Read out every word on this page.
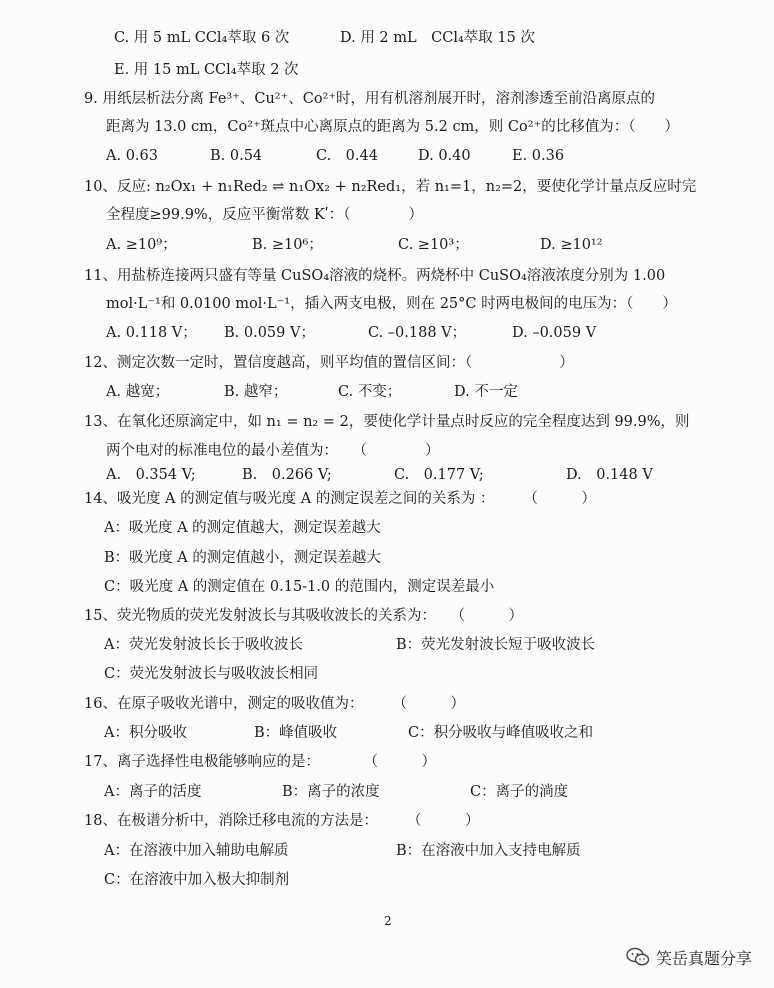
C. 用 5 mL CCl₄萃取 6 次	D. 用 2 mL　CCl₄萃取 15 次
E. 用 15 mL CCl₄萃取 2 次
9. 用纸层析法分离 Fe³⁺、Cu²⁺、Co²⁺时，用有机溶剂展开时，溶剂渗透至前沿离原点的
距离为 13.0 cm，Co²⁺斑点中心离原点的距离为 5.2 cm，则 Co²⁺的比移值为：（　　）
A. 0.63	B. 0.54	C.　0.44	D. 0.40	E. 0.36
10、反应: n₂Ox₁ + n₁Red₂ ⇌ n₁Ox₂ + n₂Red₁，若 n₁=1，n₂=2，要使化学计量点反应时完
全程度≥99.9%，反应平衡常数 Kʹ：（　　　　）
A. ≥10⁹；	B. ≥10⁶；	C. ≥10³；	D. ≥10¹²
11、用盐桥连接两只盛有等量 CuSO₄溶液的烧杯。两烧杯中 CuSO₄溶液浓度分别为 1.00
mol·L⁻¹和 0.0100 mol·L⁻¹，插入两支电极，则在 25°C 时两电极间的电压为：（　　）
A. 0.118 V； B. 0.059 V；	C. –0.188 V；	D. –0.059 V
12、测定次数一定时，置信度越高，则平均值的置信区间：（　　　　　　）
A. 越宽；	B. 越窄；	C. 不变；	D. 不一定
13、在氧化还原滴定中，如 n₁ = n₂ = 2，要使化学计量点时反应的完全程度达到 99.9%，则
两个电对的标准电位的最小差值为：　　（　　　　）
A.　0.354 V;	B.　0.266 V;	C.　0.177 V;	D.　0.148 V
14、吸光度 A 的测定值与吸光度 A 的测定误差之间的关系为 ：　　　（　　　）
A：吸光度 A 的测定值越大，测定误差越大
B：吸光度 A 的测定值越小，测定误差越大
C：吸光度 A 的测定值在 0.15-1.0 的范围内，测定误差最小
15、荧光物质的荧光发射波长与其吸收波长的关系为：　　（　　　）
A：荧光发射波长长于吸收波长	B：荧光发射波长短于吸收波长
C：荧光发射波长与吸收波长相同
16、在原子吸收光谱中，测定的吸收值为：　　　（　　　）
A：积分吸收	B：峰值吸收	C：积分吸收与峰值吸收之和
17、离子选择性电极能够响应的是：　　　　（　　　）
A：离子的活度	B：离子的浓度	C：离子的淌度
18、在极谱分析中，消除迁移电流的方法是：　　　（　　　）
A：在溶液中加入辅助电解质	B：在溶液中加入支持电解质
C：在溶液中加入极大抑制剂
2
笑岳真题分享
